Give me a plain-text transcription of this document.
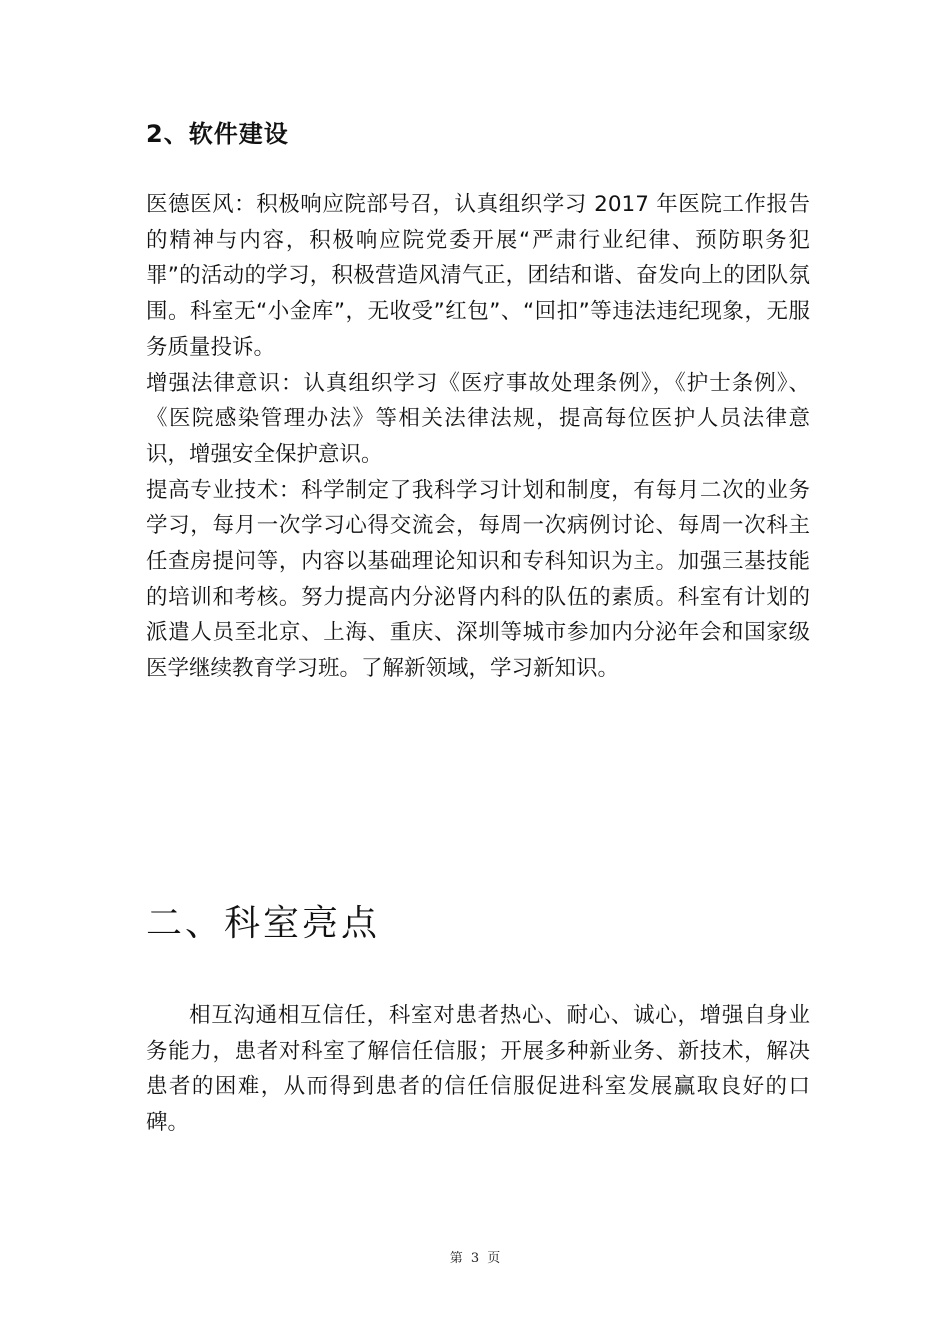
2、软件建设

医德医风：积极响应院部号召，认真组织学习 2017 年医院工作报告的精神与内容，积极响应院党委开展“严肃行业纪律、预防职务犯罪”的活动的学习，积极营造风清气正，团结和谐、奋发向上的团队氛围。科室无“小金库”，无收受”红包”、“回扣”等违法违纪现象，无服务质量投诉。

增强法律意识：认真组织学习《医疗事故处理条例》，《护士条例》、《医院感染管理办法》等相关法律法规，提高每位医护人员法律意识，增强安全保护意识。

提高专业技术：科学制定了我科学习计划和制度，有每月二次的业务学习，每月一次学习心得交流会，每周一次病例讨论、每周一次科主任查房提问等，内容以基础理论知识和专科知识为主。加强三基技能的培训和考核。努力提高内分泌肾内科的队伍的素质。科室有计划的派遣人员至北京、上海、重庆、深圳等城市参加内分泌年会和国家级医学继续教育学习班。了解新领域，学习新知识。

二、科室亮点

相互沟通相互信任，科室对患者热心、耐心、诚心，增强自身业务能力，患者对科室了解信任信服；开展多种新业务、新技术，解决患者的困难，从而得到患者的信任信服促进科室发展赢取良好的口碑。

第 3 页
